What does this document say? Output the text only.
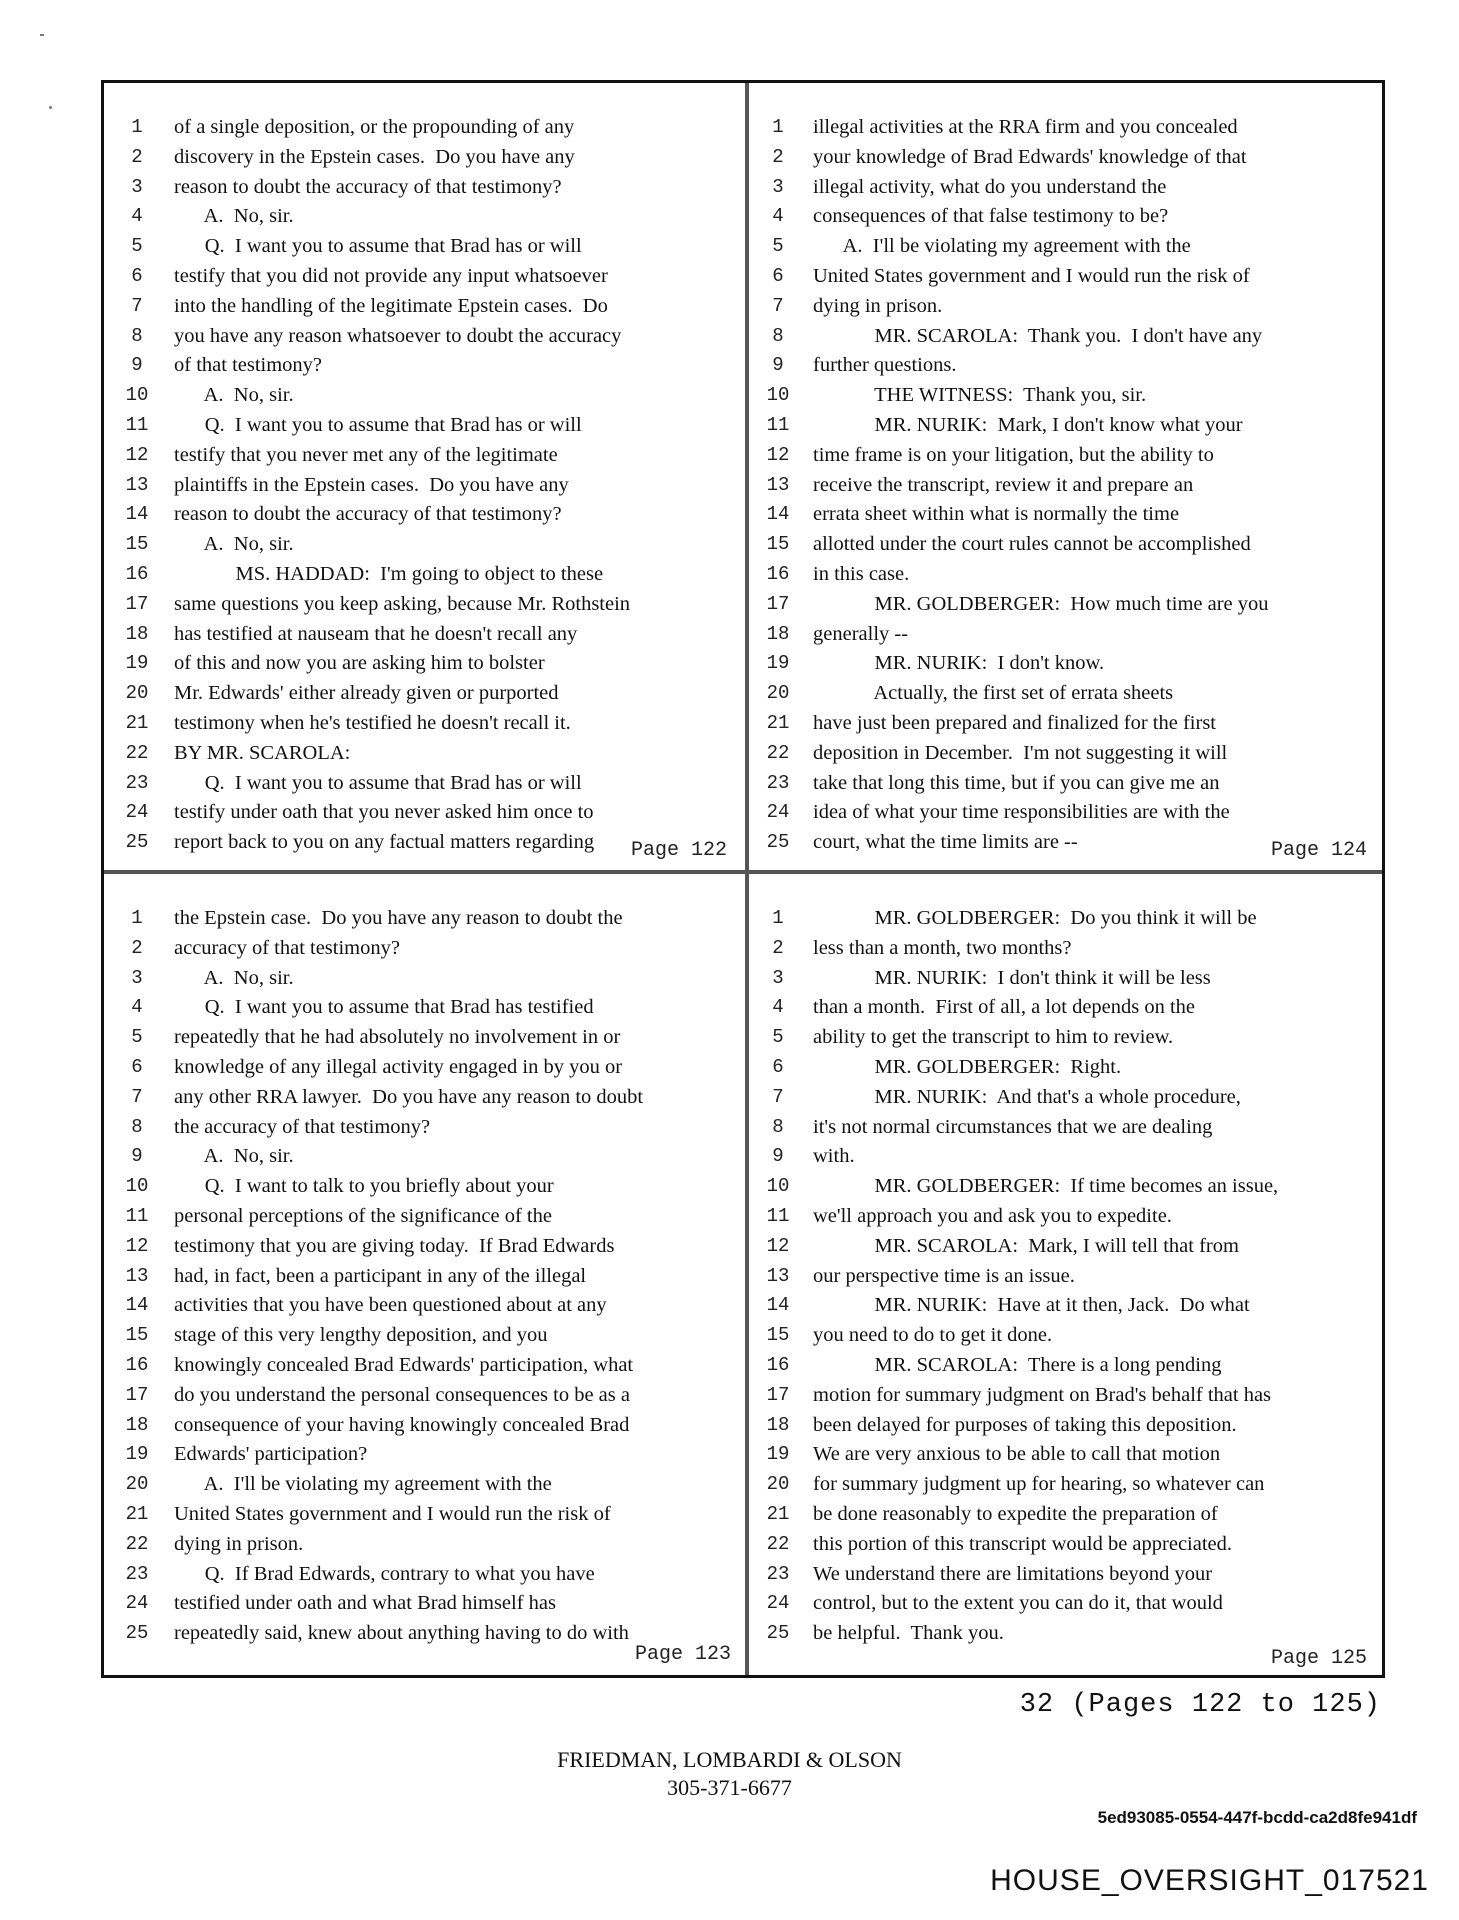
1	of a single deposition, or the propounding of any
2	discovery in the Epstein cases.  Do you have any
3	reason to doubt the accuracy of that testimony?
4	A.  No, sir.
5	Q.  I want you to assume that Brad has or will
6	testify that you did not provide any input whatsoever
7	into the handling of the legitimate Epstein cases.  Do
8	you have any reason whatsoever to doubt the accuracy
9	of that testimony?
10 A.  No, sir.
11 Q.  I want you to assume that Brad has or will
12 testify that you never met any of the legitimate
13 plaintiffs in the Epstein cases.  Do you have any
14 reason to doubt the accuracy of that testimony?
15 A.  No, sir.
16 MS. HADDAD:  I'm going to object to these
17 same questions you keep asking, because Mr. Rothstein
18 has testified at nauseam that he doesn't recall any
19 of this and now you are asking him to bolster
20 Mr. Edwards' either already given or purported
21 testimony when he's testified he doesn't recall it.
22 BY MR. SCAROLA:
23 Q.  I want you to assume that Brad has or will
24 testify under oath that you never asked him once to
25 report back to you on any factual matters regarding Page 122
1	illegal activities at the RRA firm and you concealed
2	your knowledge of Brad Edwards' knowledge of that
3	illegal activity, what do you understand the
4	consequences of that false testimony to be?
5	A.  I'll be violating my agreement with the
6	United States government and I would run the risk of
7	dying in prison.
8	MR. SCAROLA:  Thank you.  I don't have any
9	further questions.
10 THE WITNESS:  Thank you, sir.
11 MR. NURIK:  Mark, I don't know what your
12 time frame is on your litigation, but the ability to
13 receive the transcript, review it and prepare an
14 errata sheet within what is normally the time
15 allotted under the court rules cannot be accomplished
16 in this case.
17 MR. GOLDBERGER:  How much time are you
18 generally --
19 MR. NURIK:  I don't know.
20 Actually, the first set of errata sheets
21 have just been prepared and finalized for the first
22 deposition in December.  I'm not suggesting it will
23 take that long this time, but if you can give me an
24 idea of what your time responsibilities are with the
25 court, what the time limits are --	Page 124
1	the Epstein case.  Do you have any reason to doubt the
2	accuracy of that testimony?
3	A.  No, sir.
4	Q.  I want you to assume that Brad has testified
5	repeatedly that he had absolutely no involvement in or
6	knowledge of any illegal activity engaged in by you or
7	any other RRA lawyer.  Do you have any reason to doubt
8	the accuracy of that testimony?
9	A.  No, sir.
10 Q.  I want to talk to you briefly about your
11 personal perceptions of the significance of the
12 testimony that you are giving today.  If Brad Edwards
13 had, in fact, been a participant in any of the illegal
14 activities that you have been questioned about at any
15 stage of this very lengthy deposition, and you
16 knowingly concealed Brad Edwards' participation, what
17 do you understand the personal consequences to be as a
18 consequence of your having knowingly concealed Brad
19 Edwards' participation?
20 A.  I'll be violating my agreement with the
21 United States government and I would run the risk of
22 dying in prison.
23 Q.  If Brad Edwards, contrary to what you have
24 testified under oath and what Brad himself has
25 repeatedly said, knew about anything having to do with
Page 123
1	MR. GOLDBERGER:  Do you think it will be
2	less than a month, two months?
3	MR. NURIK:  I don't think it will be less
4	than a month.  First of all, a lot depends on the
5	ability to get the transcript to him to review.
6	MR. GOLDBERGER:  Right.
7	MR. NURIK:  And that's a whole procedure,
8	it's not normal circumstances that we are dealing
9	with.
10 MR. GOLDBERGER:  If time becomes an issue,
11 we'll approach you and ask you to expedite.
12 MR. SCAROLA:  Mark, I will tell that from
13 our perspective time is an issue.
14 MR. NURIK:  Have at it then, Jack.  Do what
15 you need to do to get it done.
16 MR. SCAROLA:  There is a long pending
17 motion for summary judgment on Brad's behalf that has
18 been delayed for purposes of taking this deposition.
19 We are very anxious to be able to call that motion
20 for summary judgment up for hearing, so whatever can
21 be done reasonably to expedite the preparation of
22 this portion of this transcript would be appreciated.
23 We understand there are limitations beyond your
24 control, but to the extent you can do it, that would
25 be helpful.  Thank you.
Page 125
32 (Pages 122 to 125)
FRIEDMAN, LOMBARDI & OLSON
305-371-6677
5ed93085-0554-447f-bcdd-ca2d8fe941df
HOUSE_OVERSIGHT_017521
